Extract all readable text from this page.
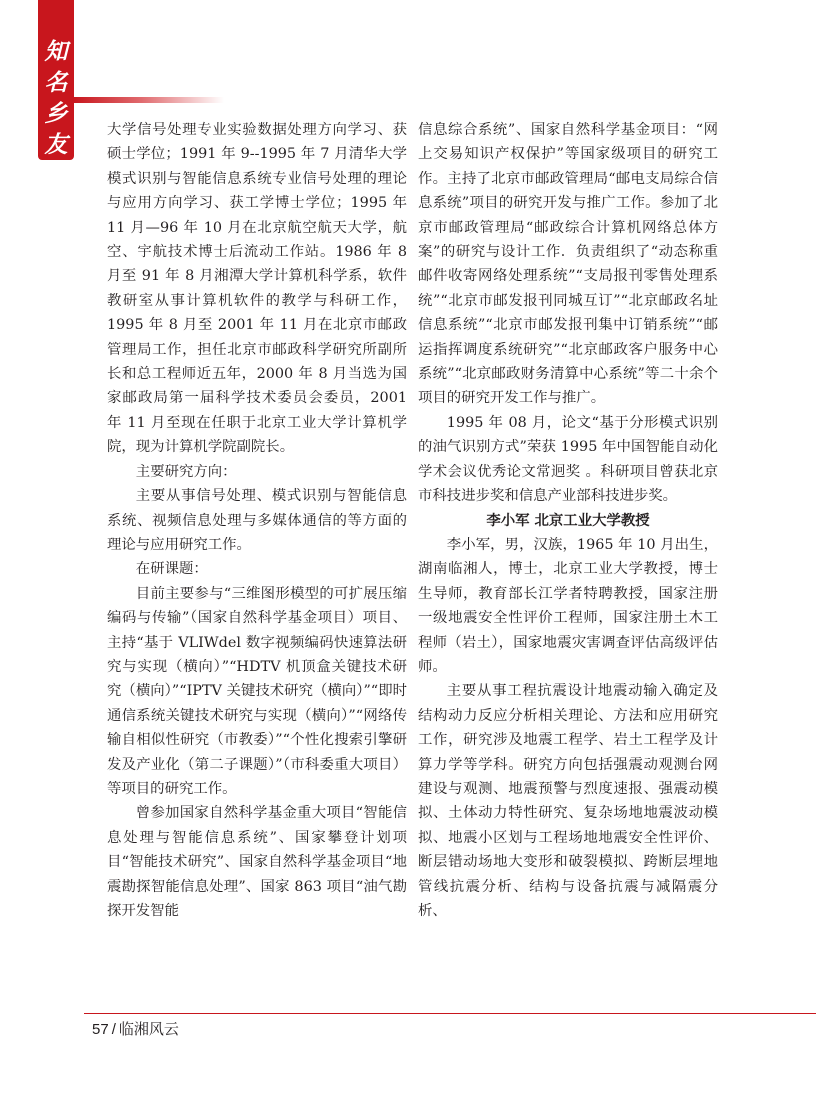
知
名
乡
友

大学信号处理专业实验数据处理方向学习、获硕士学位；1991 年 9--1995 年 7 月清华大学模式识别与智能信息系统专业信号处理的理论与应用方向学习、获工学博士学位；1995 年 11 月—96 年 10 月在北京航空航天大学，航空、宇航技术博士后流动工作站。1986 年 8 月至 91 年 8 月湘潭大学计算机科学系，软件教研室从事计算机软件的教学与科研工作，1995 年 8 月至 2001 年 11 月在北京市邮政管理局工作，担任北京市邮政科学研究所副所长和总工程师近五年，2000 年 8 月当选为国家邮政局第一届科学技术委员会委员，2001 年 11 月至现在任职于北京工业大学计算机学院，现为计算机学院副院长。

主要研究方向：

主要从事信号处理、模式识别与智能信息系统、视频信息处理与多媒体通信的等方面的理论与应用研究工作。

在研课题：

目前主要参与“三维图形模型的可扩展压缩编码与传输”（国家自然科学基金项目）项目、主持“基于 VLIWdel 数字视频编码快速算法研究与实现（横向）”“HDTV 机顶盒关键技术研究（横向）”“IPTV 关键技术研究（横向）”“即时通信系统关键技术研究与实现（横向）”“网络传输自相似性研究（市教委）”“个性化搜索引擎研发及产业化（第二子课题）”（市科委重大项目）等项目的研究工作。

曾参加国家自然科学基金重大项目“智能信息处理与智能信息系统”、国家攀登计划项目“智能技术研究”、国家自然科学基金项目“地震勘探智能信息处理”、国家 863 项目“油气勘探开发智能

信息综合系统”、国家自然科学基金项目：“网上交易知识产权保护”等国家级项目的研究工作。主持了北京市邮政管理局“邮电支局综合信息系统”项目的研究开发与推广工作。参加了北京市邮政管理局“邮政综合计算机网络总体方案”的研究与设计工作．负责组织了“动态称重邮件收寄网络处理系统”“支局报刊零售处理系统”“北京市邮发报刊同城互订”“北京邮政名址信息系统”“北京市邮发报刊集中订销系统”“邮运指挥调度系统研究”“北京邮政客户服务中心系统”“北京邮政财务清算中心系统”等二十余个项目的研究开发工作与推广。

1995 年 08 月，论文“基于分形模式识别的油气识别方式”荣获 1995 年中国智能自动化学术会议优秀论文常迥奖 。科研项目曾获北京市科技进步奖和信息产业部科技进步奖。

李小军 北京工业大学教授

李小军，男，汉族，1965 年 10 月出生，湖南临湘人，博士，北京工业大学教授，博士生导师，教育部长江学者特聘教授，国家注册一级地震安全性评价工程师，国家注册土木工程师（岩土），国家地震灾害调查评估高级评估师。

主要从事工程抗震设计地震动输入确定及结构动力反应分析相关理论、方法和应用研究工作，研究涉及地震工程学、岩土工程学及计算力学等学科。研究方向包括强震动观测台网建设与观测、地震预警与烈度速报、强震动模拟、土体动力特性研究、复杂场地地震波动模拟、地震小区划与工程场地地震安全性评价、断层错动场地大变形和破裂模拟、跨断层埋地管线抗震分析、结构与设备抗震与减隔震分析、

57 / 临湘风云
